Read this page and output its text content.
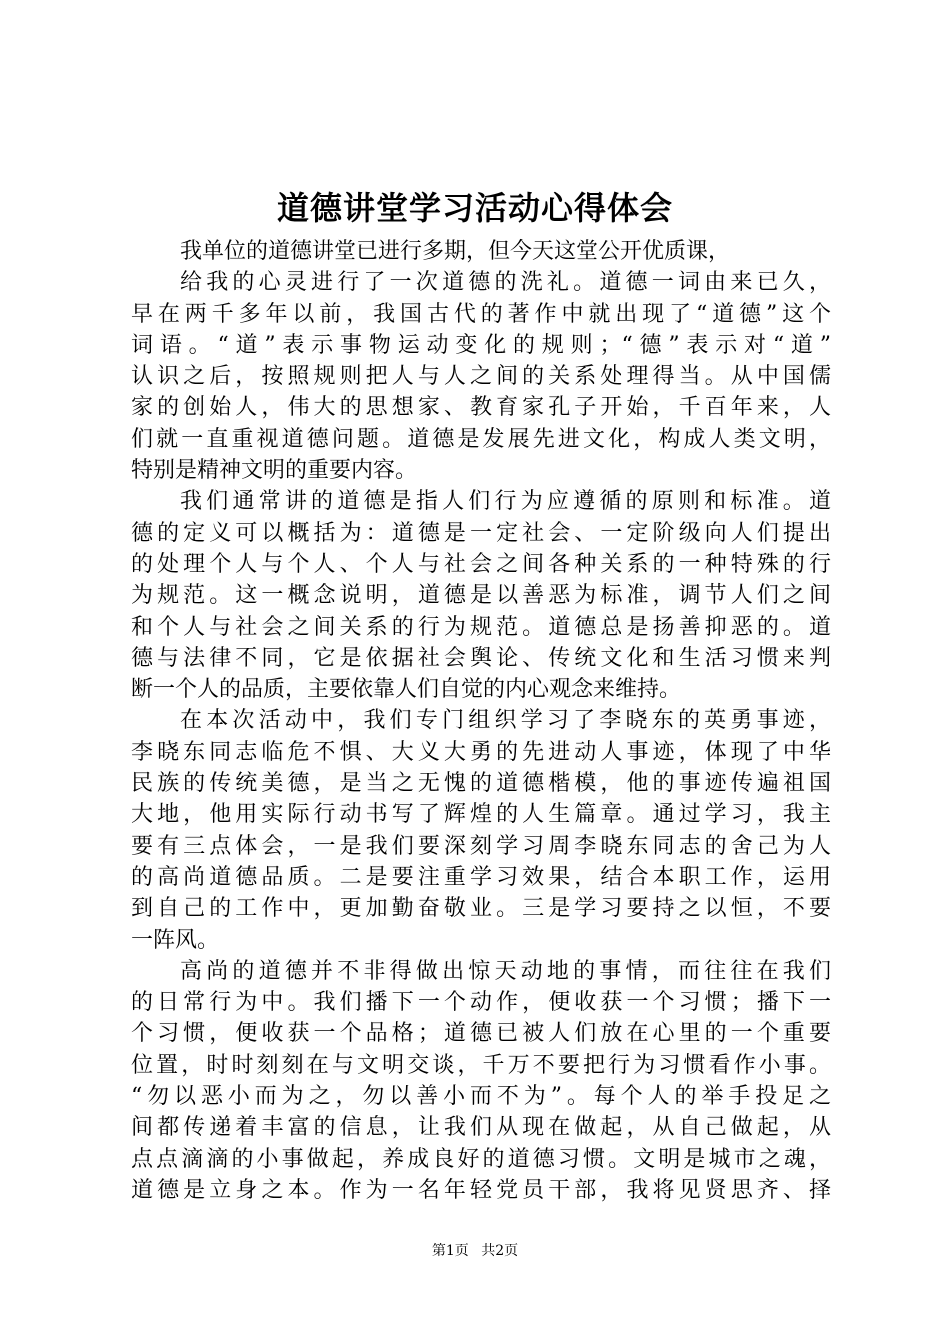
道德讲堂学习活动心得体会
我单位的道德讲堂已进行多期，但今天这堂公开优质课，
给我的心灵进行了一次道德的洗礼。道德一词由来已久，
早在两千多年以前，我国古代的著作中就出现了“道德”这个
词语。“道”表示事物运动变化的规则；“德”表示对“道”
认识之后，按照规则把人与人之间的关系处理得当。从中国儒
家的创始人，伟大的思想家、教育家孔子开始，千百年来，人
们就一直重视道德问题。道德是发展先进文化，构成人类文明，
特别是精神文明的重要内容。
我们通常讲的道德是指人们行为应遵循的原则和标准。道
德的定义可以概括为：道德是一定社会、一定阶级向人们提出
的处理个人与个人、个人与社会之间各种关系的一种特殊的行
为规范。这一概念说明，道德是以善恶为标准，调节人们之间
和个人与社会之间关系的行为规范。道德总是扬善抑恶的。道
德与法律不同，它是依据社会舆论、传统文化和生活习惯来判
断一个人的品质，主要依靠人们自觉的内心观念来维持。
在本次活动中，我们专门组织学习了李晓东的英勇事迹，
李晓东同志临危不惧、大义大勇的先进动人事迹，体现了中华
民族的传统美德，是当之无愧的道德楷模，他的事迹传遍祖国
大地，他用实际行动书写了辉煌的人生篇章。通过学习，我主
要有三点体会，一是我们要深刻学习周李晓东同志的舍己为人
的高尚道德品质。二是要注重学习效果，结合本职工作，运用
到自己的工作中，更加勤奋敬业。三是学习要持之以恒，不要
一阵风。
高尚的道德并不非得做出惊天动地的事情，而往往在我们
的日常行为中。我们播下一个动作，便收获一个习惯；播下一
个习惯，便收获一个品格；道德已被人们放在心里的一个重要
位置，时时刻刻在与文明交谈，千万不要把行为习惯看作小事。
“勿以恶小而为之，勿以善小而不为”。每个人的举手投足之
间都传递着丰富的信息，让我们从现在做起，从自己做起，从
点点滴滴的小事做起，养成良好的道德习惯。文明是城市之魂，
道德是立身之本。作为一名年轻党员干部，我将见贤思齐、择
第1页 共2页
